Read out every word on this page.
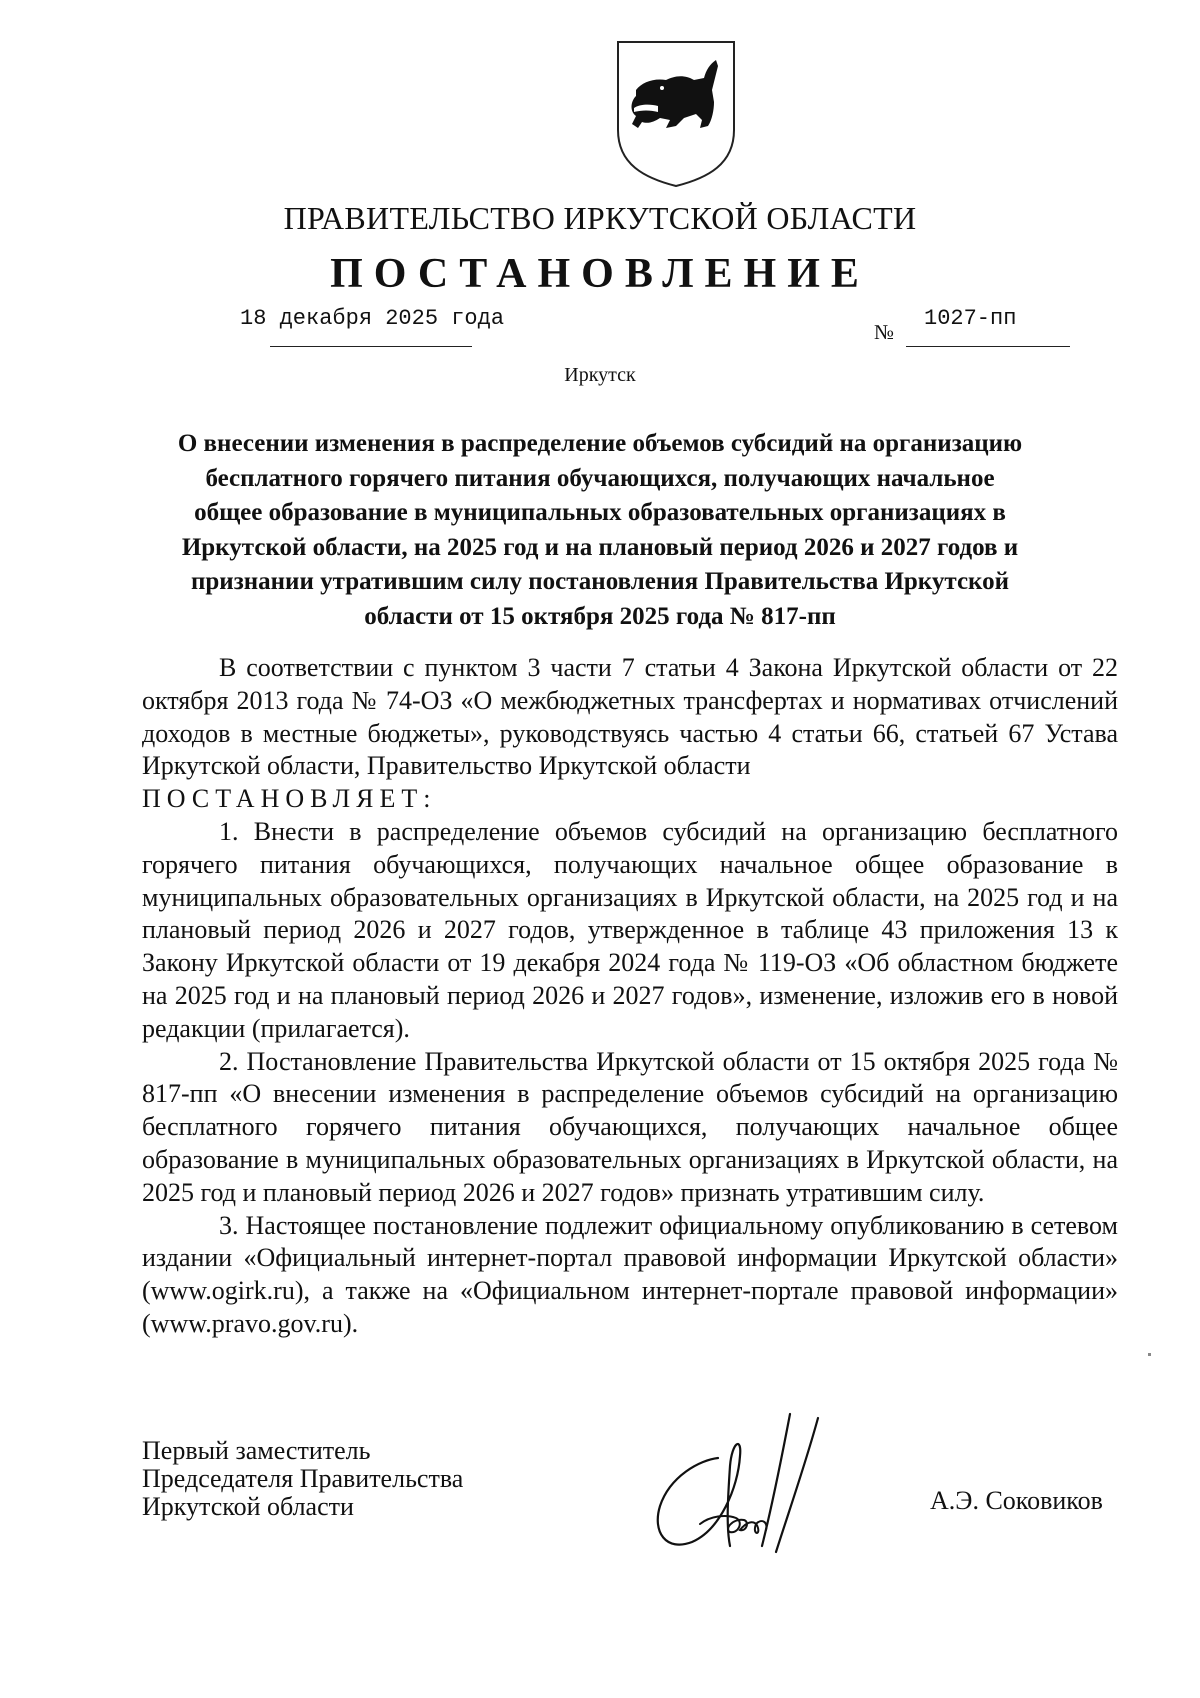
ПРАВИТЕЛЬСТВО ИРКУТСКОЙ ОБЛАСТИ
ПОСТАНОВЛЕНИЕ
18 декабря 2025 года
№
1027-пп
Иркутск
О внесении изменения в распределение объемов субсидий на организацию
бесплатного горячего питания обучающихся, получающих начальное
общее образование в муниципальных образовательных организациях в
Иркутской области, на 2025 год и на плановый период 2026 и 2027 годов и
признании утратившим силу постановления Правительства Иркутской
области от 15 октября 2025 года № 817-пп

В соответствии с пунктом 3 части 7 статьи 4 Закона Иркутской области от 22 октября 2013 года № 74-ОЗ «О межбюджетных трансфертах и нормативах отчислений доходов в местные бюджеты», руководствуясь частью 4 статьи 66, статьей 67 Устава Иркутской области, Правительство Иркутской области

ПОСТАНОВЛЯЕТ:

1. Внести в распределение объемов субсидий на организацию бесплатного горячего питания обучающихся, получающих начальное общее образование в муниципальных образовательных организациях в Иркутской области, на 2025 год и на плановый период 2026 и 2027 годов, утвержденное в таблице 43 приложения 13 к Закону Иркутской области от 19 декабря 2024 года № 119-ОЗ «Об областном бюджете на 2025 год и на плановый период 2026 и 2027 годов», изменение, изложив его в новой редакции (прилагается).

2. Постановление Правительства Иркутской области от 15 октября 2025 года № 817-пп «О внесении изменения в распределение объемов субсидий на организацию бесплатного горячего питания обучающихся, получающих начальное общее образование в муниципальных образовательных организациях в Иркутской области, на 2025 год и плановый период 2026 и 2027 годов» признать утратившим силу.

3. Настоящее постановление подлежит официальному опубликованию в сетевом издании «Официальный интернет-портал правовой информации Иркутской области» (www.ogirk.ru), а также на «Официальном интернет-портале правовой информации» (www.pravo.gov.ru).

Первый заместитель
Председателя Правительства
Иркутской области	А.Э. Соковиков
